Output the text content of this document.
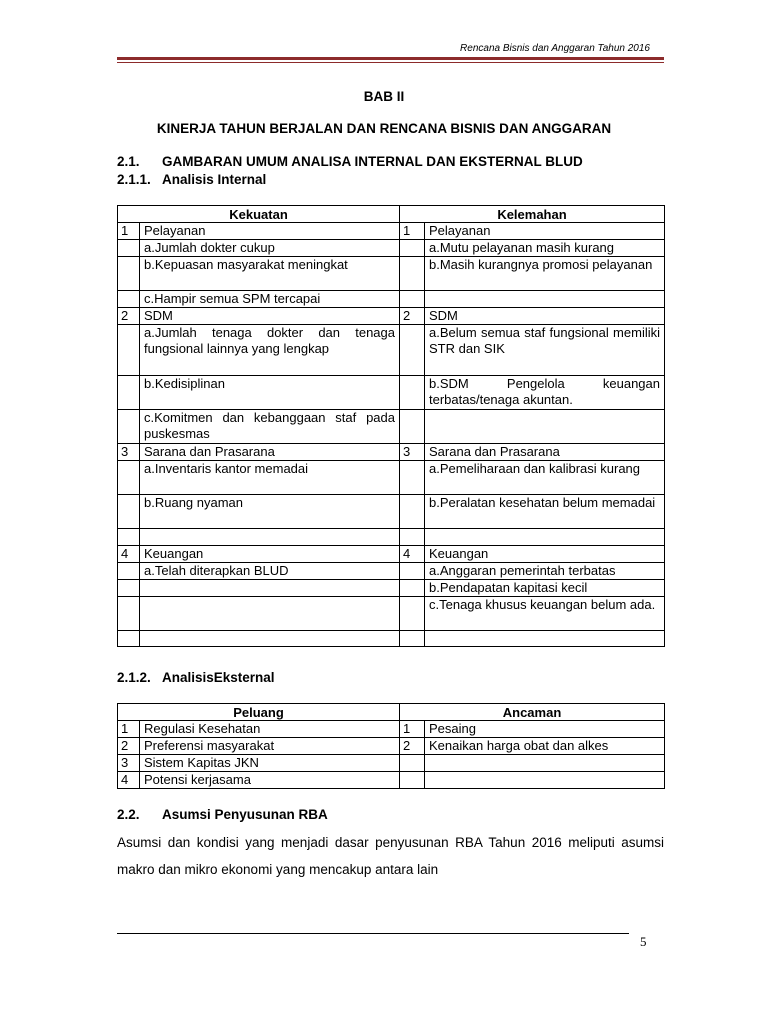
Rencana Bisnis dan Anggaran Tahun 2016
BAB II
KINERJA TAHUN BERJALAN DAN RENCANA BISNIS DAN ANGGARAN
2.1. GAMBARAN UMUM ANALISA INTERNAL DAN EKSTERNAL BLUD
2.1.1. Analisis Internal
Kekuatan		Kelemahan	
1	Pelayanan	1	Pelayanan
	a.Jumlah dokter cukup		a.Mutu pelayanan masih kurang
	b.Kepuasan masyarakat meningkat		b.Masih kurangnya promosi pelayanan
	c.Hampir semua SPM tercapai		
2	SDM	2	SDM
	a.Jumlah tenaga dokter dan tenaga fungsional lainnya yang lengkap		a.Belum semua staf fungsional memiliki STR dan SIK
	b.Kedisiplinan		b.SDM Pengelola keuangan terbatas/tenaga akuntan.
	c.Komitmen dan kebanggaan staf pada puskesmas		
3	Sarana dan Prasarana	3	Sarana dan Prasarana
	a.Inventaris kantor memadai		a.Pemeliharaan dan kalibrasi kurang
	b.Ruang nyaman		b.Peralatan kesehatan belum memadai

4	Keuangan	4	Keuangan
	a.Telah diterapkan BLUD		a.Anggaran pemerintah terbatas
			b.Pendapatan kapitasi kecil
			c.Tenaga khusus keuangan belum ada.

2.1.2. AnalisisEksternal
Peluang		Ancaman	
1	Regulasi Kesehatan	1	Pesaing
2	Preferensi masyarakat	2	Kenaikan harga obat dan alkes
3	Sistem Kapitas JKN		
4	Potensi kerjasama		
2.2. Asumsi Penyusunan RBA
Asumsi dan kondisi yang menjadi dasar penyusunan RBA Tahun 2016 meliputi asumsi makro dan mikro ekonomi yang mencakup antara lain
5
